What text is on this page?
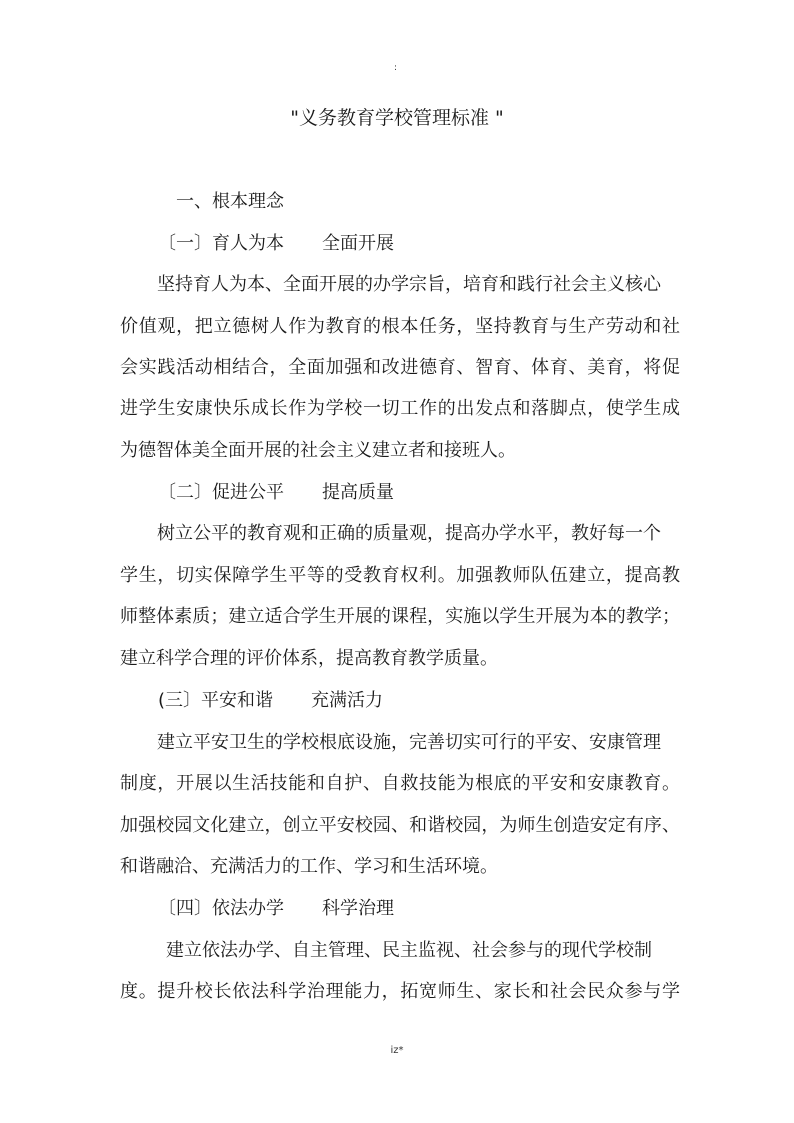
:
"义务教育学校管理标准 "
一、根本理念
〔一〕育人为本 全面开展
坚持育人为本、全面开展的办学宗旨，培育和践行社会主义核心
价值观，把立德树人作为教育的根本任务，坚持教育与生产劳动和社
会实践活动相结合，全面加强和改进德育、智育、体育、美育，将促
进学生安康快乐成长作为学校一切工作的出发点和落脚点，使学生成
为德智体美全面开展的社会主义建立者和接班人。
〔二〕促进公平 提高质量
树立公平的教育观和正确的质量观，提高办学水平，教好每一个
学生，切实保障学生平等的受教育权利。加强教师队伍建立，提高教
师整体素质；建立适合学生开展的课程，实施以学生开展为本的教学；
建立科学合理的评价体系，提高教育教学质量。
(三〕平安和谐 充满活力
建立平安卫生的学校根底设施，完善切实可行的平安、安康管理
制度，开展以生活技能和自护、自救技能为根底的平安和安康教育。
加强校园文化建立，创立平安校园、和谐校园，为师生创造安定有序、
和谐融洽、充满活力的工作、学习和生活环境。
〔四〕依法办学 科学治理
建立依法办学、自主管理、民主监视、社会参与的现代学校制
度。提升校长依法科学治理能力，拓宽师生、家长和社会民众参与学
iz*
